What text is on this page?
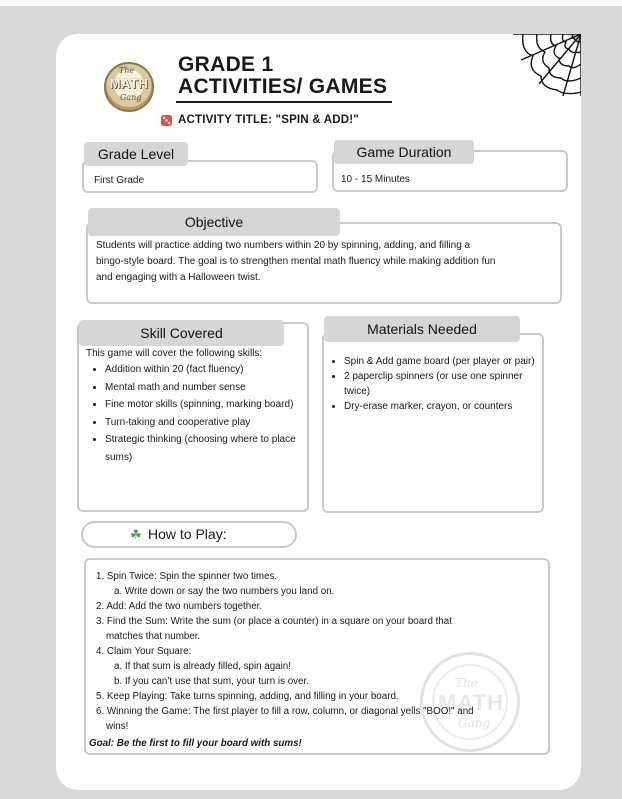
The
MATH
Gang
GRADE 1
ACTIVITIES/ GAMES
ACTIVITY TITLE: "SPIN & ADD!"
Grade Level
First Grade
Game Duration
10 - 15 Minutes
Objective
Students will practice adding two numbers within 20 by spinning, adding, and filling a
bingo-style board. The goal is to strengthen mental math fluency while making addition fun
and engaging with a Halloween twist.
Skill Covered
This game will cover the following skills:
• Addition within 20 (fact fluency)
• Mental math and number sense
• Fine motor skills (spinning, marking board)
• Turn-taking and cooperative play
• Strategic thinking (choosing where to place sums)
Materials Needed
• Spin & Add game board (per player or pair)
• 2 paperclip spinners (or use one spinner twice)
• Dry-erase marker, crayon, or counters
☘ How to Play:
The
MATH
Gang
1. Spin Twice: Spin the spinner two times.
a. Write down or say the two numbers you land on.
2. Add: Add the two numbers together.
3. Find the Sum: Write the sum (or place a counter) in a square on your board that
matches that number.
4. Claim Your Square:
a. If that sum is already filled, spin again!
b. If you can’t use that sum, your turn is over.
5. Keep Playing: Take turns spinning, adding, and filling in your board.
6. Winning the Game: The first player to fill a row, column, or diagonal yells "BOO!" and
wins!
Goal: Be the first to fill your board with sums!
